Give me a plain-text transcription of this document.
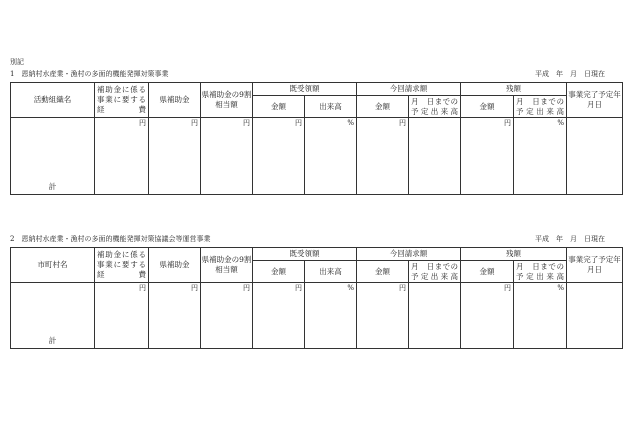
別記
1　恩納村水産業・漁村の多面的機能発揮対策事業	平成　年　月　日現在
活動組織名	補助金に係る事業に要する経費	県補助金	県補助金の9割相当額	既受領額		今回請求額		残額		事業完了予定年月日
				金額	出来高	金額	月　日までの予定出来高	金額	月　日までの予定出来高	
計	円	円	円	円	%	円		円	%	
2　恩納村水産業・漁村の多面的機能発揮対策協議会等運営事業	平成　年　月　日現在
市町村名	補助金に係る事業に要する経費	県補助金	県補助金の9割相当額	既受領額		今回請求額		残額		事業完了予定年月日
				金額	出来高	金額	月　日までの予定出来高	金額	月　日までの予定出来高	
計	円	円	円	円	%	円		円	%	
